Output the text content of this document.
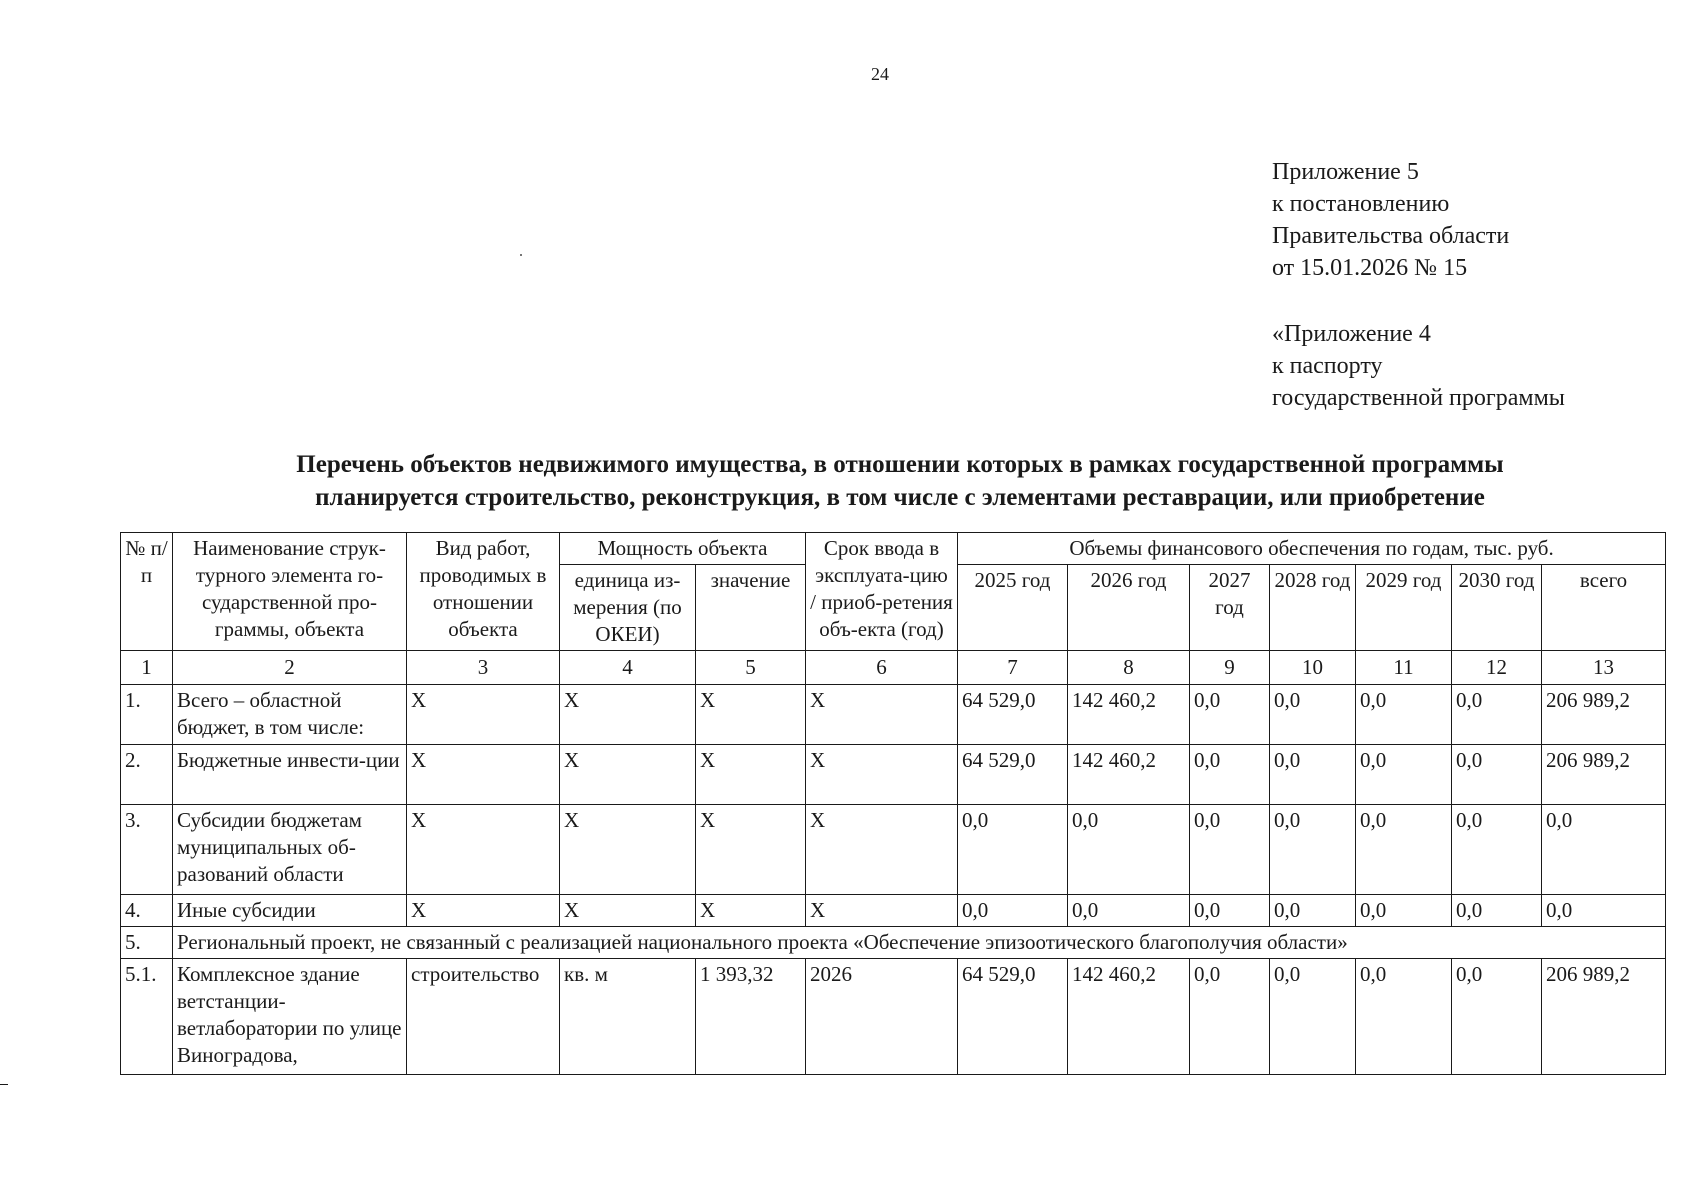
24
Приложение 5
к постановлению
Правительства области
от 15.01.2026 № 15
«Приложение 4
к паспорту
государственной программы
Перечень объектов недвижимого имущества, в отношении которых в рамках государственной программы
планируется строительство, реконструкция, в том числе с элементами реставрации, или приобретение
№ п/п	Наименование струк-турного элемента го-сударственной про-граммы, объекта	Вид работ, проводимых в отношении объекта	Мощность объекта		Срок ввода в эксплуата-цию / приоб-ретения объ-екта (год)	Объемы финансового обеспечения по годам, тыс. руб.						
			единица из-мерения (по ОКЕИ)	значение		2025 год	2026 год	2027 год	2028 год	2029 год	2030 год	всего
1	2	3	4	5	6	7	8	9	10	11	12	13
1.	Всего – областной бюджет, в том числе:	X	X	X	X	64 529,0	142 460,2	0,0	0,0	0,0	0,0	206 989,2
2.	Бюджетные инвести-ции	X	X	X	X	64 529,0	142 460,2	0,0	0,0	0,0	0,0	206 989,2
3.	Субсидии бюджетам муниципальных об-разований области	X	X	X	X	0,0	0,0	0,0	0,0	0,0	0,0	0,0
4.	Иные субсидии	X	X	X	X	0,0	0,0	0,0	0,0	0,0	0,0	0,0
5.	Региональный проект, не связанный с реализацией национального проекта «Обеспечение эпизоотического благополучия области»											
5.1.	Комплексное здание ветстанции-ветлаборатории по улице Виноградова,	строительство	кв. м	1 393,32	2026	64 529,0	142 460,2	0,0	0,0	0,0	0,0	206 989,2
